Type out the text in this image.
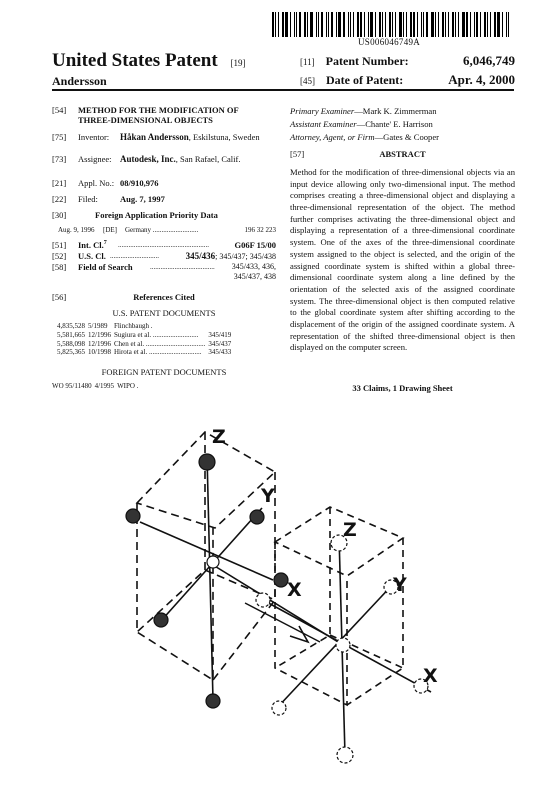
US006046749A
United States Patent [19]
Andersson
[11] Patent Number:	6,046,749
[45] Date of Patent:	Apr. 4, 2000
[54] METHOD FOR THE MODIFICATION OF
THREE-DIMENSIONAL OBJECTS
[75] Inventor: Håkan Andersson, Eskilstuna, Sweden
[73] Assignee: Autodesk, Inc., San Rafael, Calif.
[21] Appl. No.: 08/910,976
[22] Filed:	Aug. 7, 1997
[30]	Foreign Application Priority Data
Aug. 9, 1996 [DE] Germany ..........................	196 32 223
[51] Int. Cl.$^7$ ....................................................	G06F 15/00
[52] U.S. Cl. ............................	345/436; 345/437; 345/438
[58] Field of Search .....................................	345/433, 436,
345/437, 438
[56]	References Cited
U.S. PATENT DOCUMENTS
4,835,528	5/1989	Flinchbaugh .	
5,581,665	12/1996	Sugiura et al. ..........................	345/419
5,588,098	12/1996	Chen et al. ..................................	345/437
5,825,365	10/1998	Hirota et al. ..............................	345/433
FOREIGN PATENT DOCUMENTS
WO 95/11480	4/1995	WIPO .	
Primary Examiner—Mark K. Zimmerman
Assistant Examiner—Chante' E. Harrison
Attorney, Agent, or Firm—Gates & Cooper
[57]	ABSTRACT
Method for the modification of three-dimensional objects via an input device allowing only two-dimensional input. The method comprises creating a three-dimensional object and displaying a three-dimensional representation of the object. The method further comprises activating the three-dimensional object and displaying a representation of a three-dimensional coordinate system. One of the axes of the three-dimensional coordinate system assigned to the object is selected, and the origin of the assigned coordinate system is shifted within a global three-dimensional coordinate system along a line defined by the orientation of the selected axis of the assigned coordinate system. The three-dimensional object is then computed relative to the global coordinate system after shifting according to the displacement of the origin of the assigned coordinate system. A representation of the shifted three-dimensional object is then displayed on the computer screen.
33 Claims, 1 Drawing Sheet
Z
Y
X
Z
Y
X
